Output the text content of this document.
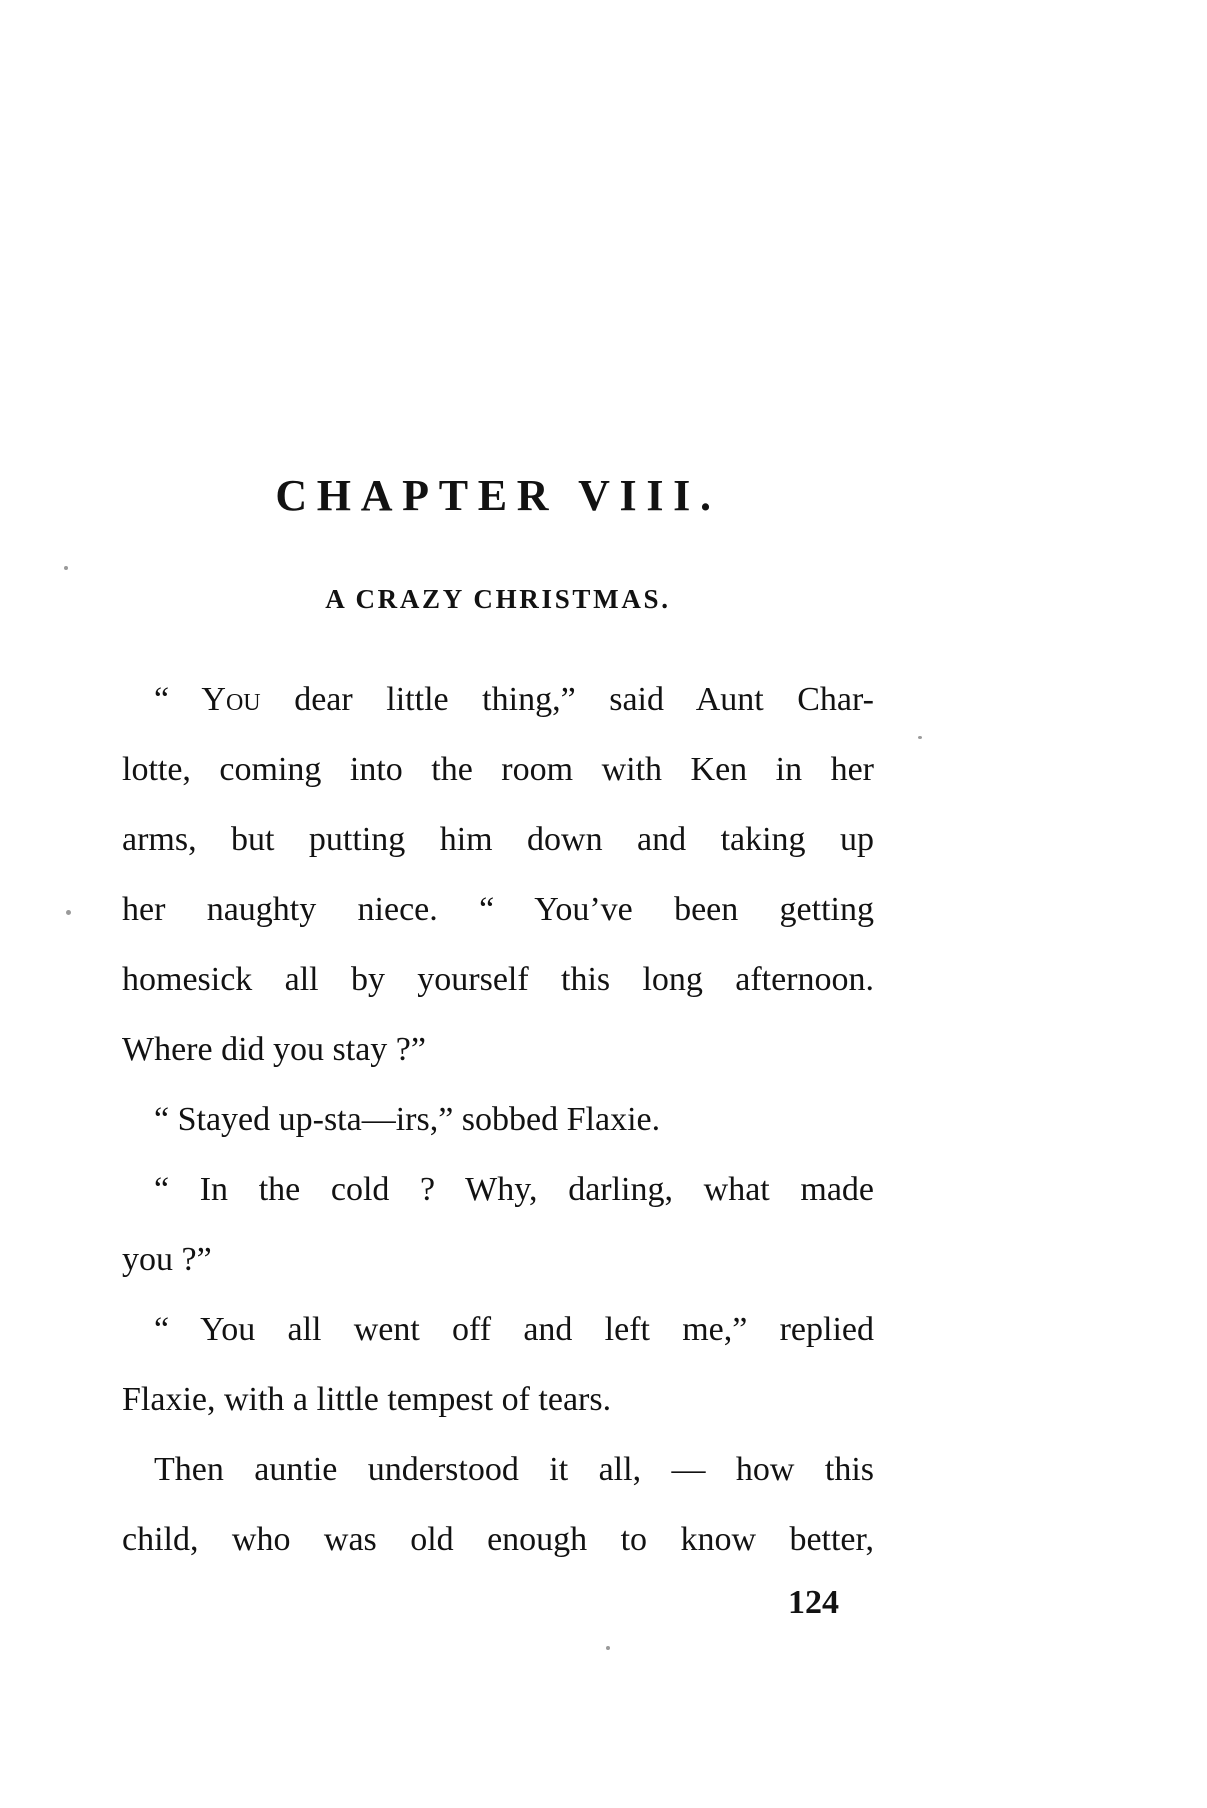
CHAPTER VIII.
A CRAZY CHRISTMAS.
“ You dear little thing,” said Aunt Char-
lotte, coming into the room with Ken in her
arms, but putting him down and taking up
her naughty niece. “ You’ve been getting
homesick all by yourself this long afternoon.
Where did you stay ?”
“ Stayed up-sta—irs,” sobbed Flaxie.
“ In the cold ? Why, darling, what made
you ?”
“ You all went off and left me,” replied
Flaxie, with a little tempest of tears.
Then auntie understood it all, — how this
child, who was old enough to know better,
124
